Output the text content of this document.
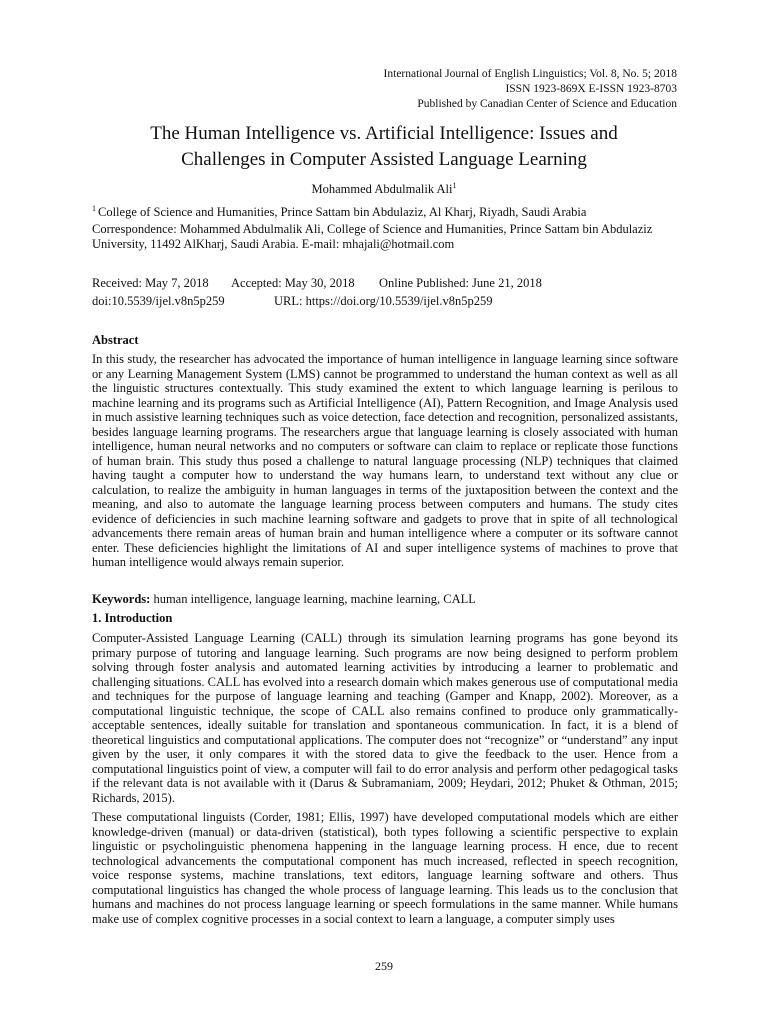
International Journal of English Linguistics; Vol. 8, No. 5; 2018
ISSN 1923-869X E-ISSN 1923-8703
Published by Canadian Center of Science and Education
The Human Intelligence vs. Artificial Intelligence: Issues and
Challenges in Computer Assisted Language Learning
Mohammed Abdulmalik Ali$^1$
$^1$ College of Science and Humanities, Prince Sattam bin Abdulaziz, Al Kharj, Riyadh, Saudi Arabia
Correspondence: Mohammed Abdulmalik Ali, College of Science and Humanities, Prince Sattam bin Abdulaziz University, 11492 AlKharj, Saudi Arabia. E-mail: mhajali@hotmail.com
Received: May 7, 2018 Accepted: May 30, 2018 Online Published: June 21, 2018
doi:10.5539/ijel.v8n5p259	URL: https://doi.org/10.5539/ijel.v8n5p259
Abstract
In this study, the researcher has advocated the importance of human intelligence in language learning since software or any Learning Management System (LMS) cannot be programmed to understand the human context as well as all the linguistic structures contextually. This study examined the extent to which language learning is perilous to machine learning and its programs such as Artificial Intelligence (AI), Pattern Recognition, and Image Analysis used in much assistive learning techniques such as voice detection, face detection and recognition, personalized assistants, besides language learning programs. The researchers argue that language learning is closely associated with human intelligence, human neural networks and no computers or software can claim to replace or replicate those functions of human brain. This study thus posed a challenge to natural language processing (NLP) techniques that claimed having taught a computer how to understand the way humans learn, to understand text without any clue or calculation, to realize the ambiguity in human languages in terms of the juxtaposition between the context and the meaning, and also to automate the language learning process between computers and humans. The study cites evidence of deficiencies in such machine learning software and gadgets to prove that in spite of all technological advancements there remain areas of human brain and human intelligence where a computer or its software cannot enter. These deficiencies highlight the limitations of AI and super intelligence systems of machines to prove that human intelligence would always remain superior.
Keywords: human intelligence, language learning, machine learning, CALL
1. Introduction
Computer-Assisted Language Learning (CALL) through its simulation learning programs has gone beyond its primary purpose of tutoring and language learning. Such programs are now being designed to perform problem solving through foster analysis and automated learning activities by introducing a learner to problematic and challenging situations. CALL has evolved into a research domain which makes generous use of computational media and techniques for the purpose of language learning and teaching (Gamper and Knapp, 2002). Moreover, as a computational linguistic technique, the scope of CALL also remains confined to produce only grammatically-acceptable sentences, ideally suitable for translation and spontaneous communication. In fact, it is a blend of theoretical linguistics and computational applications. The computer does not “recognize” or “understand” any input given by the user, it only compares it with the stored data to give the feedback to the user. Hence from a computational linguistics point of view, a computer will fail to do error analysis and perform other pedagogical tasks if the relevant data is not available with it (Darus & Subramaniam, 2009; Heydari, 2012; Phuket & Othman, 2015; Richards, 2015).
These computational linguists (Corder, 1981; Ellis, 1997) have developed computational models which are either knowledge-driven (manual) or data-driven (statistical), both types following a scientific perspective to explain linguistic or psycholinguistic phenomena happening in the language learning process. H ence, due to recent technological advancements the computational component has much increased, reflected in speech recognition, voice response systems, machine translations, text editors, language learning software and others. Thus computational linguistics has changed the whole process of language learning. This leads us to the conclusion that humans and machines do not process language learning or speech formulations in the same manner. While humans make use of complex cognitive processes in a social context to learn a language, a computer simply uses
259
